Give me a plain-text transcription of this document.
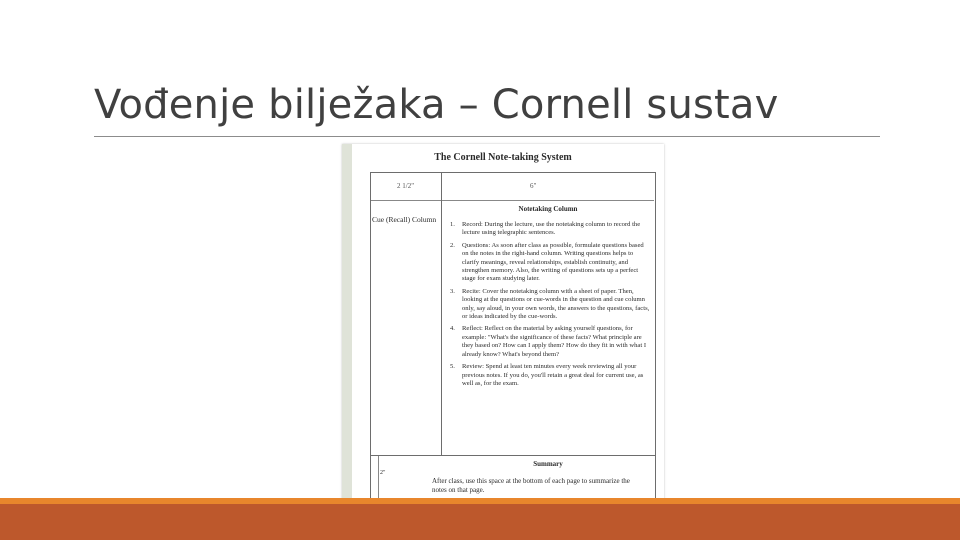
Vođenje bilježaka – Cornell sustav
The Cornell Note-taking System
2 1/2"	6"
Cue (Recall) Column
Notetaking Column
1. Record: During the lecture, use the notetaking column to record the lecture using telegraphic sentences.
2. Questions: As soon after class as possible, formulate questions based on the notes in the right-hand column. Writing questions helps to clarify meanings, reveal relationships, establish continuity, and strengthen memory. Also, the writing of questions sets up a perfect stage for exam studying later.
3. Recite: Cover the notetaking column with a sheet of paper. Then, looking at the questions or cue-words in the question and cue column only, say aloud, in your own words, the answers to the questions, facts, or ideas indicated by the cue-words.
4. Reflect: Reflect on the material by asking yourself questions, for example: "What's the significance of these facts? What principle are they based on? How can I apply them? How do they fit in with what I already know? What's beyond them?
5. Review: Spend at least ten minutes every week reviewing all your previous notes. If you do, you'll retain a great deal for current use, as well as, for the exam.
2"
Summary
After class, use this space at the bottom of each page to summarize the notes on that page.
